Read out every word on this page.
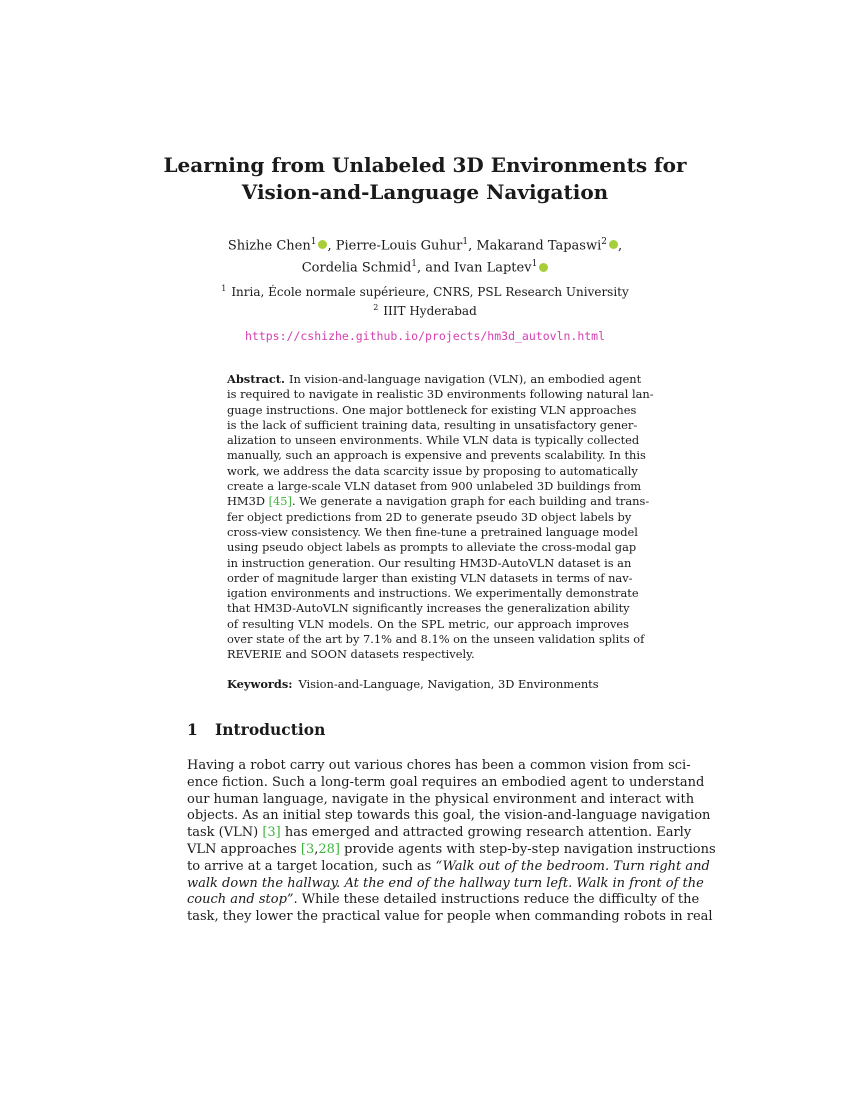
Learning from Unlabeled 3D Environments for
Vision-and-Language Navigation
Shizhe Chen$^1$ , Pierre-Louis Guhur$^1$, Makarand Tapaswi$^2$ ,
Cordelia Schmid$^1$, and Ivan Laptev$^1$
$^1$ Inria, École normale supérieure, CNRS, PSL Research University
$^2$ IIIT Hyderabad
https://cshizhe.github.io/projects/hm3d_autovln.html
Abstract. In vision-and-language navigation (VLN), an embodied agent
is required to navigate in realistic 3D environments following natural lan-
guage instructions. One major bottleneck for existing VLN approaches
is the lack of sufficient training data, resulting in unsatisfactory gener-
alization to unseen environments. While VLN data is typically collected
manually, such an approach is expensive and prevents scalability. In this
work, we address the data scarcity issue by proposing to automatically
create a large-scale VLN dataset from 900 unlabeled 3D buildings from
HM3D [45]. We generate a navigation graph for each building and trans-
fer object predictions from 2D to generate pseudo 3D object labels by
cross-view consistency. We then fine-tune a pretrained language model
using pseudo object labels as prompts to alleviate the cross-modal gap
in instruction generation. Our resulting HM3D-AutoVLN dataset is an
order of magnitude larger than existing VLN datasets in terms of nav-
igation environments and instructions. We experimentally demonstrate
that HM3D-AutoVLN significantly increases the generalization ability
of resulting VLN models. On the SPL metric, our approach improves
over state of the art by 7.1% and 8.1% on the unseen validation splits of
REVERIE and SOON datasets respectively.
Keywords: Vision-and-Language, Navigation, 3D Environments
1 Introduction
Having a robot carry out various chores has been a common vision from sci-
ence fiction. Such a long-term goal requires an embodied agent to understand
our human language, navigate in the physical environment and interact with
objects. As an initial step towards this goal, the vision-and-language navigation
task (VLN) [3] has emerged and attracted growing research attention. Early
VLN approaches [3,28] provide agents with step-by-step navigation instructions
to arrive at a target location, such as “Walk out of the bedroom. Turn right and
walk down the hallway. At the end of the hallway turn left. Walk in front of the
couch and stop”. While these detailed instructions reduce the difficulty of the
task, they lower the practical value for people when commanding robots in real
